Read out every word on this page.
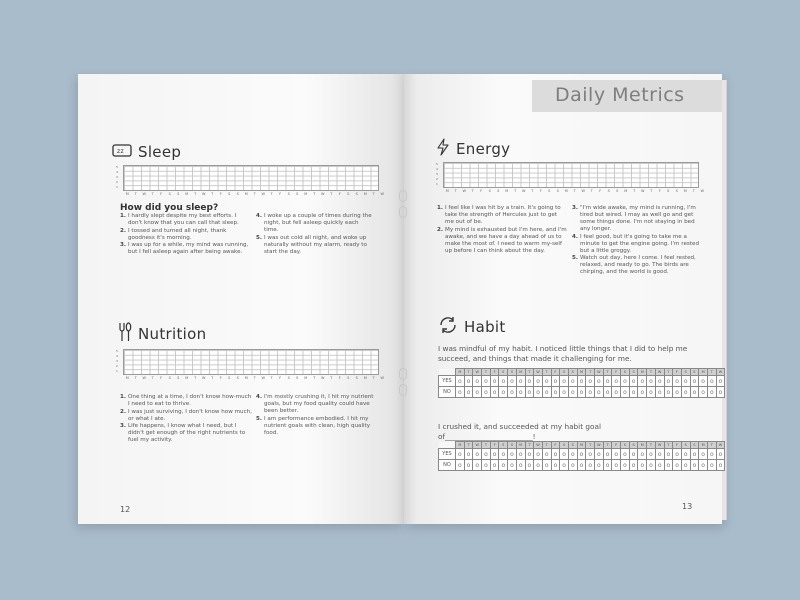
zz Sleep
5
4
3
2
1
M	T	W	T	F	S	S	M	T	W	T	F	S	S	M	T	W	T	F	S	S	M	T	W	T	F	S	S	M	T	W
How did you sleep?
1. I hardly slept despite my best efforts. I don't know that you can call that sleep.
2. I tossed and turned all night, thank goodness it's morning.
3. I was up for a while, my mind was running, but I fell asleep again after being awake.
4. I woke up a couple of times during the night, but fell asleep quickly each time.
5. I was out cold all night, and woke up naturally without my alarm, ready to start the day.
Nutrition
5
4
3
2
1
M	T	W	T	F	S	S	M	T	W	T	F	S	S	M	T	W	T	F	S	S	M	T	W	T	F	S	S	M	T	W
1. One thing at a time, I don't know how-much I need to eat to thrive.
2. I was just surviving, I don't know how much, or what I ate.
3. Life happens, I know what I need, but I didn't get enough of the right nutrients to fuel my activity.
4. I'm mostly crushing it, I hit my nutrient goals, but my food quality could have been better.
5. I am performance embodied. I hit my nutrient goals with clean, high quality food.
12
Daily Metrics
Energy
5
4
3
2
1
M	T	W	T	F	S	S	M	T	W	T	F	S	S	M	T	W	T	F	S	S	M	T	W	T	F	S	S	M	T	W
1. I feel like I was hit by a train. It's going to take the strength of Hercules just to get me out of be.
2. My mind is exhausted but I'm here, and I'm awake, and we have a day ahead of us to make the most of. I need to warm my-self up before I can think about the day.
3. "I'm wide awake, my mind is running, I'm tired but wired. I may as well go and get some things done. I'm not staying in bed any longer.
4. I feel good, but it's going to take me a minute to get the engine going. I'm rested but a little groggy.
5. Watch out day, here I come. I feel rested, relaxed, and ready to go. The birds are chirping, and the world is good.
Habit
I was mindful of my habit. I noticed little things that I did to help me succeed, and things that made it challenging for me.
	M	T	W	T	F	S	S	M	T	W	T	F	S	S	M	T	W	T	F	S	S	M	T	W	T	F	S	S	M	T	W
YES	o	o	o	o	o	o	o	o	o	o	o	o	o	o	o	o	o	o	o	o	o	o	o	o	o	o	o	o	o	o	o
NO	o	o	o	o	o	o	o	o	o	o	o	o	o	o	o	o	o	o	o	o	o	o	o	o	o	o	o	o	o	o	o
I crushed it, and succeeded at my habit goal of________________________!
	M	T	W	T	F	S	S	M	T	W	T	F	S	S	M	T	W	T	F	S	S	M	T	W	T	F	S	S	M	T	W
YES	o	o	o	o	o	o	o	o	o	o	o	o	o	o	o	o	o	o	o	o	o	o	o	o	o	o	o	o	o	o	o
NO	o	o	o	o	o	o	o	o	o	o	o	o	o	o	o	o	o	o	o	o	o	o	o	o	o	o	o	o	o	o	o
13
